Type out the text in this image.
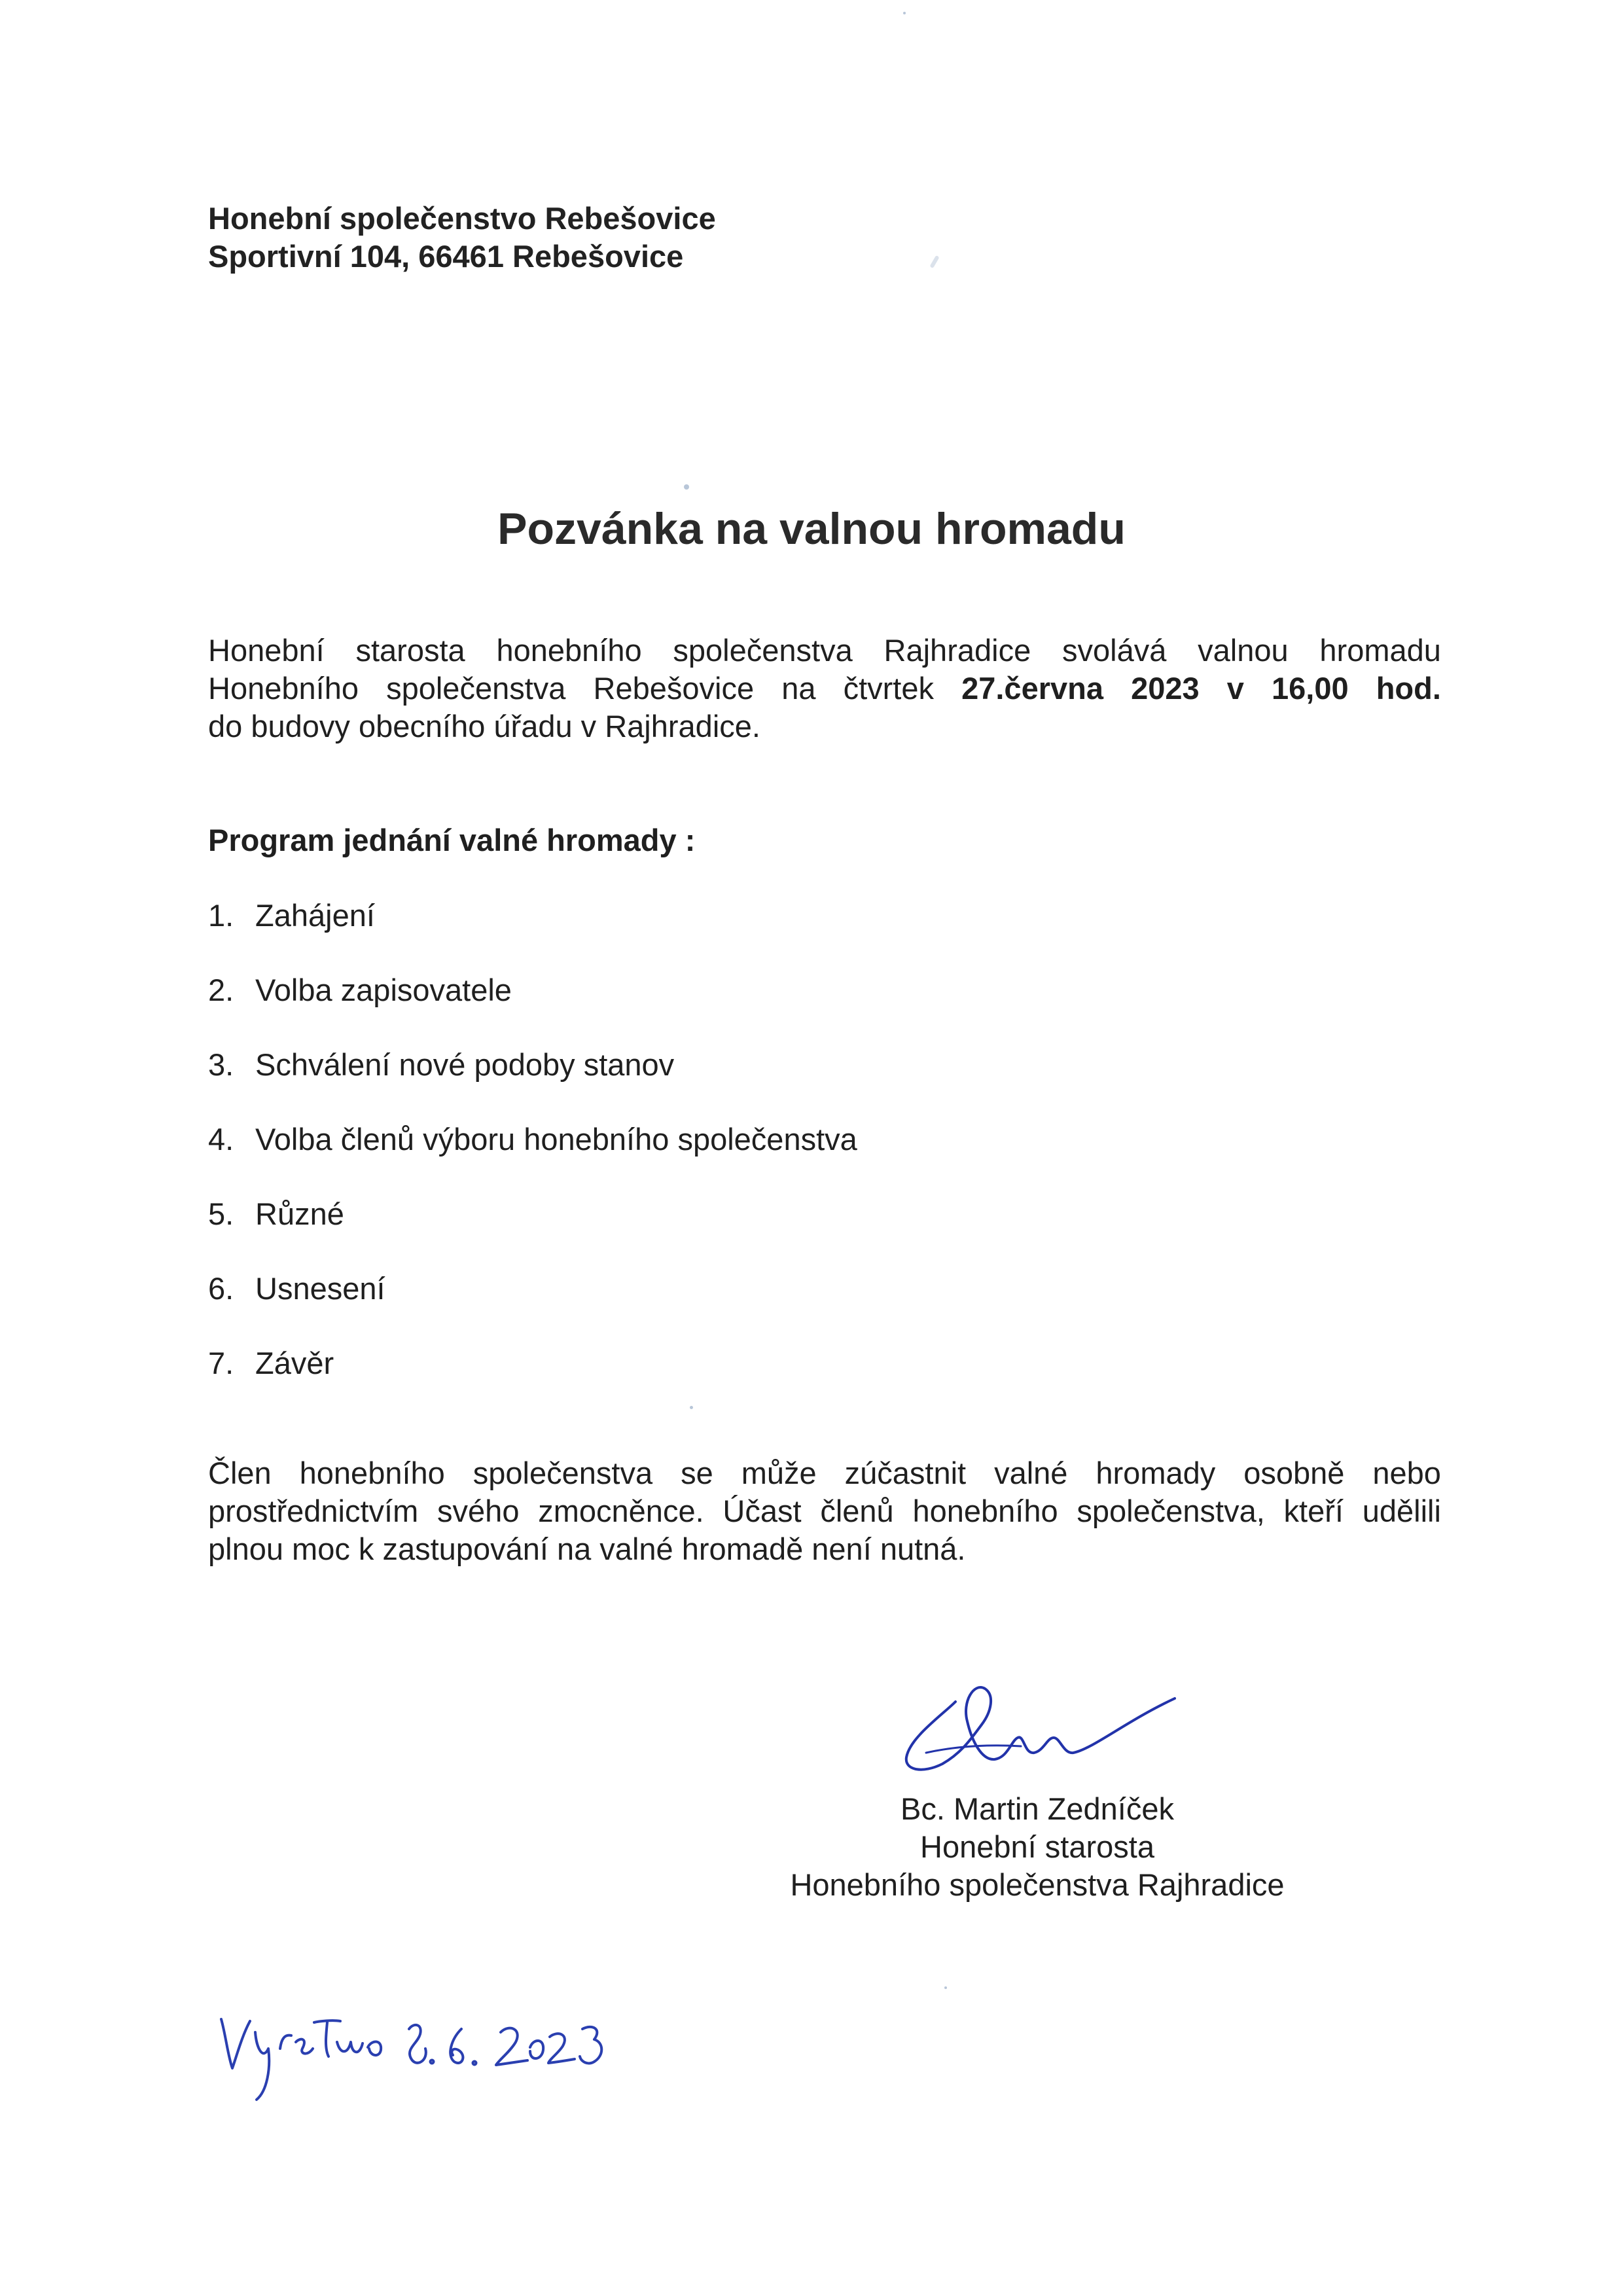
Honební společenstvo Rebešovice
Sportivní 104, 66461 Rebešovice
Pozvánka na valnou hromadu
Honební starosta honebního společenstva Rajhradice svolává valnou hromadu
Honebního společenstva Rebešovice na čtvrtek 27.června 2023 v 16,00 hod.
do budovy obecního úřadu v Rajhradice.
Program jednání valné hromady :
1. Zahájení
2. Volba zapisovatele
3. Schválení nové podoby stanov
4. Volba členů výboru honebního společenstva
5. Různé
6. Usnesení
7. Závěr
Člen honebního společenstva se může zúčastnit valné hromady osobně nebo
prostřednictvím svého zmocněnce. Účast členů honebního společenstva, kteří udělili
plnou moc k zastupování na valné hromadě není nutná.
Bc. Martin Zedníček
Honební starosta
Honebního společenstva Rajhradice
